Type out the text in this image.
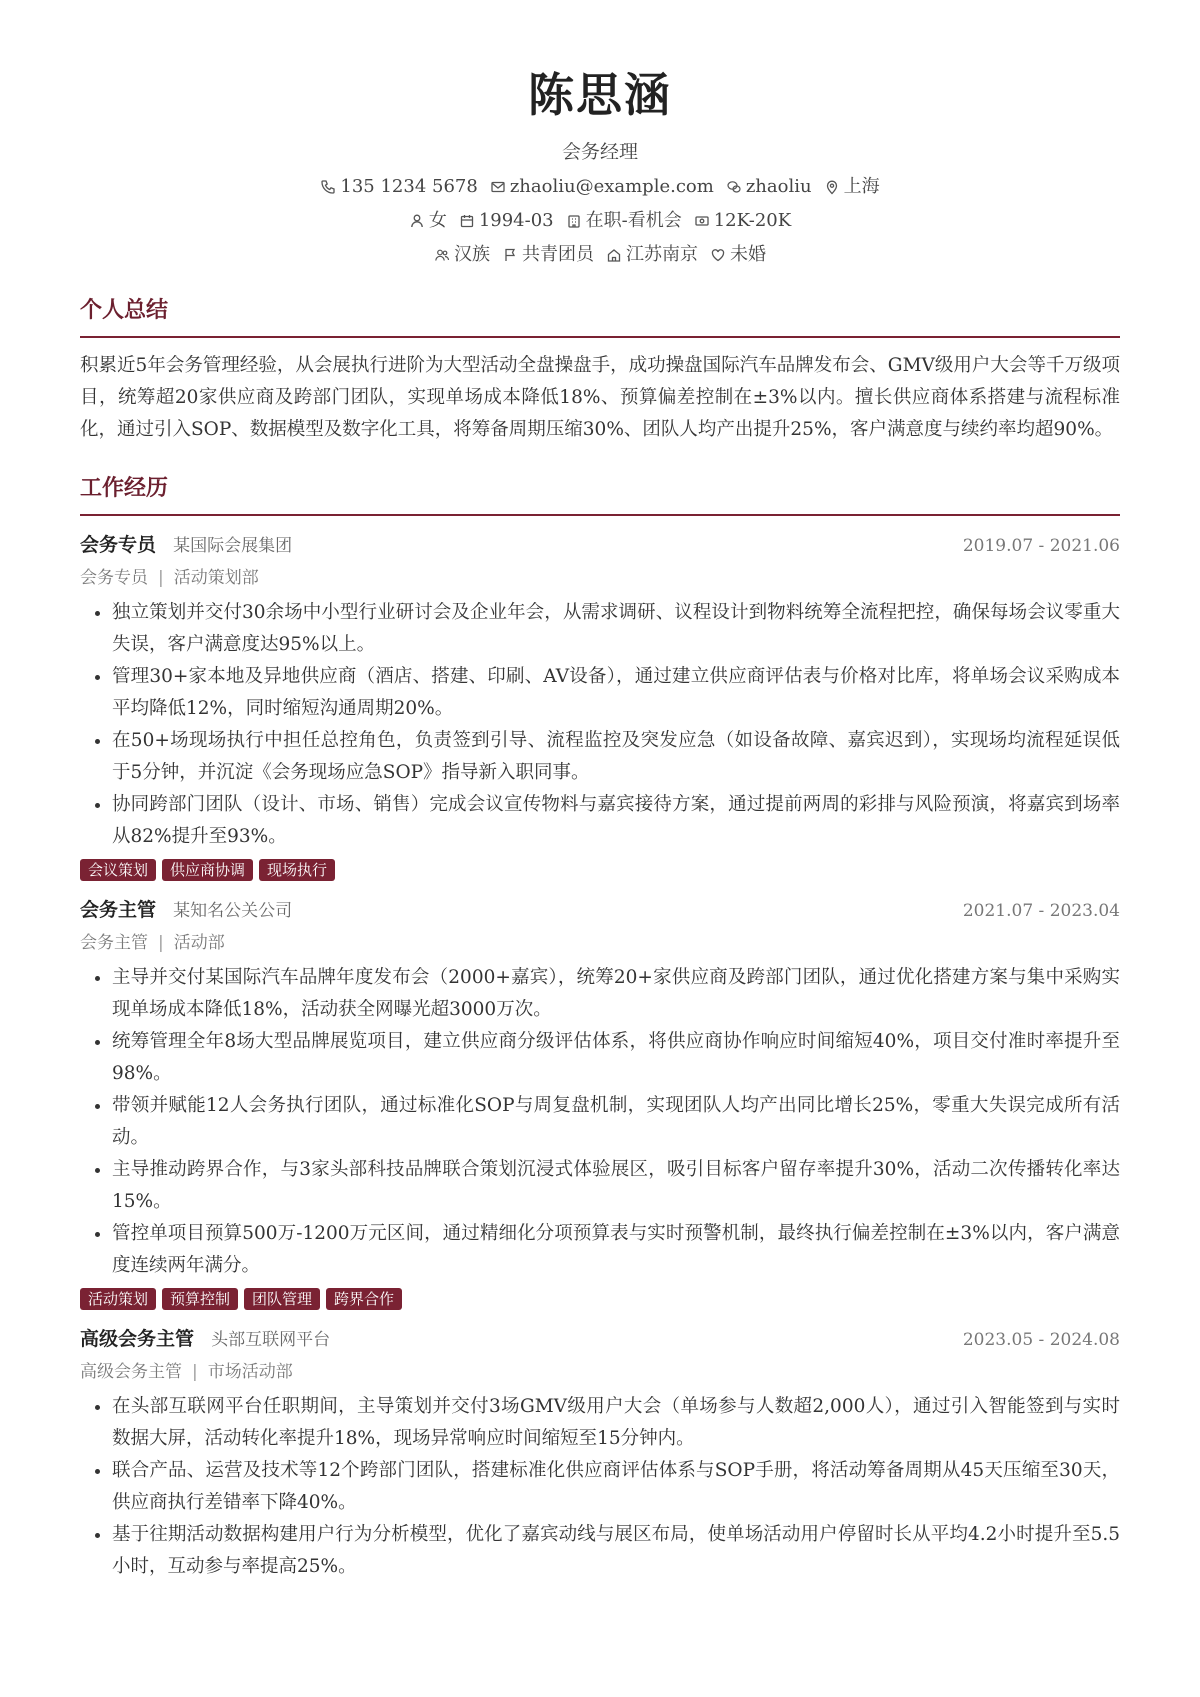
陈思涵
会务经理
135 1234 5678 zhaoliu@example.com zhaoliu 上海
女 1994-03 在职-看机会 12K-20K
汉族 共青团员 江苏南京 未婚
个人总结

积累近5年会务管理经验，从会展执行进阶为大型活动全盘操盘手，成功操盘国际汽车品牌发布会、GMV级用户大会等千万级项目，统筹超20家供应商及跨部门团队，实现单场成本降低18%、预算偏差控制在±3%以内。擅长供应商体系搭建与流程标准化，通过引入SOP、数据模型及数字化工具，将筹备周期压缩30%、团队人均产出提升25%，客户满意度与续约率均超90%。

工作经历
会务专员 某国际会展集团	2019.07 - 2021.06
会务专员 | 活动策划部
• 独立策划并交付30余场中小型行业研讨会及企业年会，从需求调研、议程设计到物料统筹全流程把控，确保每场会议零重大失误，客户满意度达95%以上。
• 管理30+家本地及异地供应商（酒店、搭建、印刷、AV设备），通过建立供应商评估表与价格对比库，将单场会议采购成本平均降低12%，同时缩短沟通周期20%。
• 在50+场现场执行中担任总控角色，负责签到引导、流程监控及突发应急（如设备故障、嘉宾迟到），实现场均流程延误低于5分钟，并沉淀《会务现场应急SOP》指导新入职同事。
• 协同跨部门团队（设计、市场、销售）完成会议宣传物料与嘉宾接待方案，通过提前两周的彩排与风险预演，将嘉宾到场率从82%提升至93%。
会议策划	供应商协调	现场执行
会务主管 某知名公关公司	2021.07 - 2023.04
会务主管 | 活动部
• 主导并交付某国际汽车品牌年度发布会（2000+嘉宾），统筹20+家供应商及跨部门团队，通过优化搭建方案与集中采购实现单场成本降低18%，活动获全网曝光超3000万次。
• 统筹管理全年8场大型品牌展览项目，建立供应商分级评估体系，将供应商协作响应时间缩短40%，项目交付准时率提升至98%。
• 带领并赋能12人会务执行团队，通过标准化SOP与周复盘机制，实现团队人均产出同比增长25%，零重大失误完成所有活动。
• 主导推动跨界合作，与3家头部科技品牌联合策划沉浸式体验展区，吸引目标客户留存率提升30%，活动二次传播转化率达15%。
• 管控单项目预算500万-1200万元区间，通过精细化分项预算表与实时预警机制，最终执行偏差控制在±3%以内，客户满意度连续两年满分。
活动策划	预算控制	团队管理	跨界合作
高级会务主管 头部互联网平台	2023.05 - 2024.08
高级会务主管 | 市场活动部
• 在头部互联网平台任职期间，主导策划并交付3场GMV级用户大会（单场参与人数超2,000人），通过引入智能签到与实时数据大屏，活动转化率提升18%，现场异常响应时间缩短至15分钟内。
• 联合产品、运营及技术等12个跨部门团队，搭建标准化供应商评估体系与SOP手册，将活动筹备周期从45天压缩至30天，供应商执行差错率下降40%。
• 基于往期活动数据构建用户行为分析模型，优化了嘉宾动线与展区布局，使单场活动用户停留时长从平均4.2小时提升至5.5小时，互动参与率提高25%。
